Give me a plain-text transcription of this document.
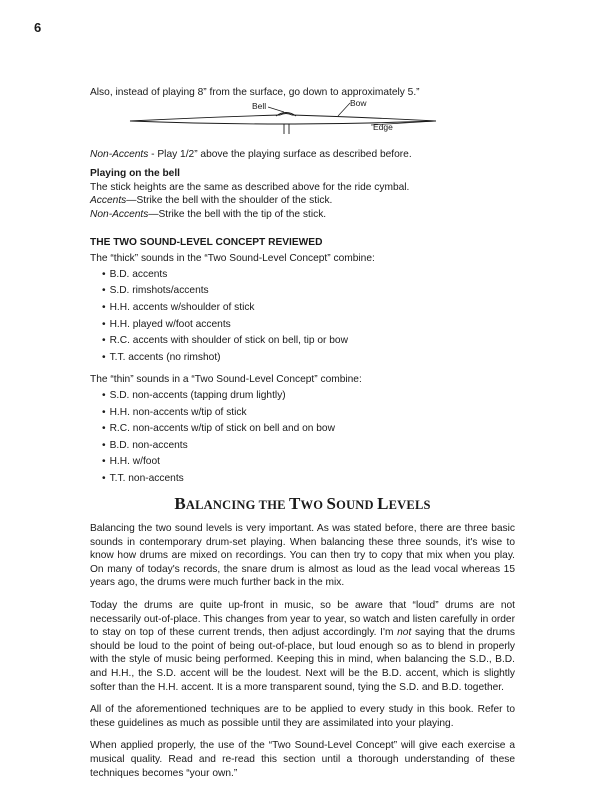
6

Also, instead of playing 8” from the surface, go down to approximately 5.”

Bell	Bow
Edge

Non-Accents - Play 1/2” above the playing surface as described before.

Playing on the bell

The stick heights are the same as described above for the ride cymbal.

Accents—Strike the bell with the shoulder of the stick.

Non-Accents—Strike the bell with the tip of the stick.

THE TWO SOUND-LEVEL CONCEPT REVIEWED

The “thick” sounds in the “Two Sound-Level Concept” combine:

• B.D. accents
• S.D. rimshots/accents
• H.H. accents w/shoulder of stick
• H.H. played w/foot accents
• R.C. accents with shoulder of stick on bell, tip or bow
• T.T. accents (no rimshot)

The “thin” sounds in a “Two Sound-Level Concept” combine:

• S.D. non-accents (tapping drum lightly)
• H.H. non-accents w/tip of stick
• R.C. non-accents w/tip of stick on bell and on bow
• B.D. non-accents
• H.H. w/foot
• T.T. non-accents
BALANCING THE TWO SOUND LEVELS

Balancing the two sound levels is very important. As was stated before, there are three basic sounds in contemporary drum-set playing. When balancing these three sounds, it's wise to know how drums are mixed on recordings. You can then try to copy that mix when you play. On many of today's records, the snare drum is almost as loud as the lead vocal whereas 15 years ago, the drums were much further back in the mix.

Today the drums are quite up-front in music, so be aware that “loud” drums are not necessarily out-of-place. This changes from year to year, so watch and listen carefully in order to stay on top of these current trends, then adjust accordingly. I'm not saying that the drums should be loud to the point of being out-of-place, but loud enough so as to blend in properly with the style of music being performed. Keeping this in mind, when balancing the S.D., B.D. and H.H., the S.D. accent will be the loudest. Next will be the B.D. accent, which is slightly softer than the H.H. accent. It is a more transparent sound, tying the S.D. and B.D. together.

All of the aforementioned techniques are to be applied to every study in this book. Refer to these guidelines as much as possible until they are assimilated into your playing.

When applied properly, the use of the “Two Sound-Level Concept” will give each exercise a musical quality. Read and re-read this section until a thorough understanding of these techniques becomes “your own.”
